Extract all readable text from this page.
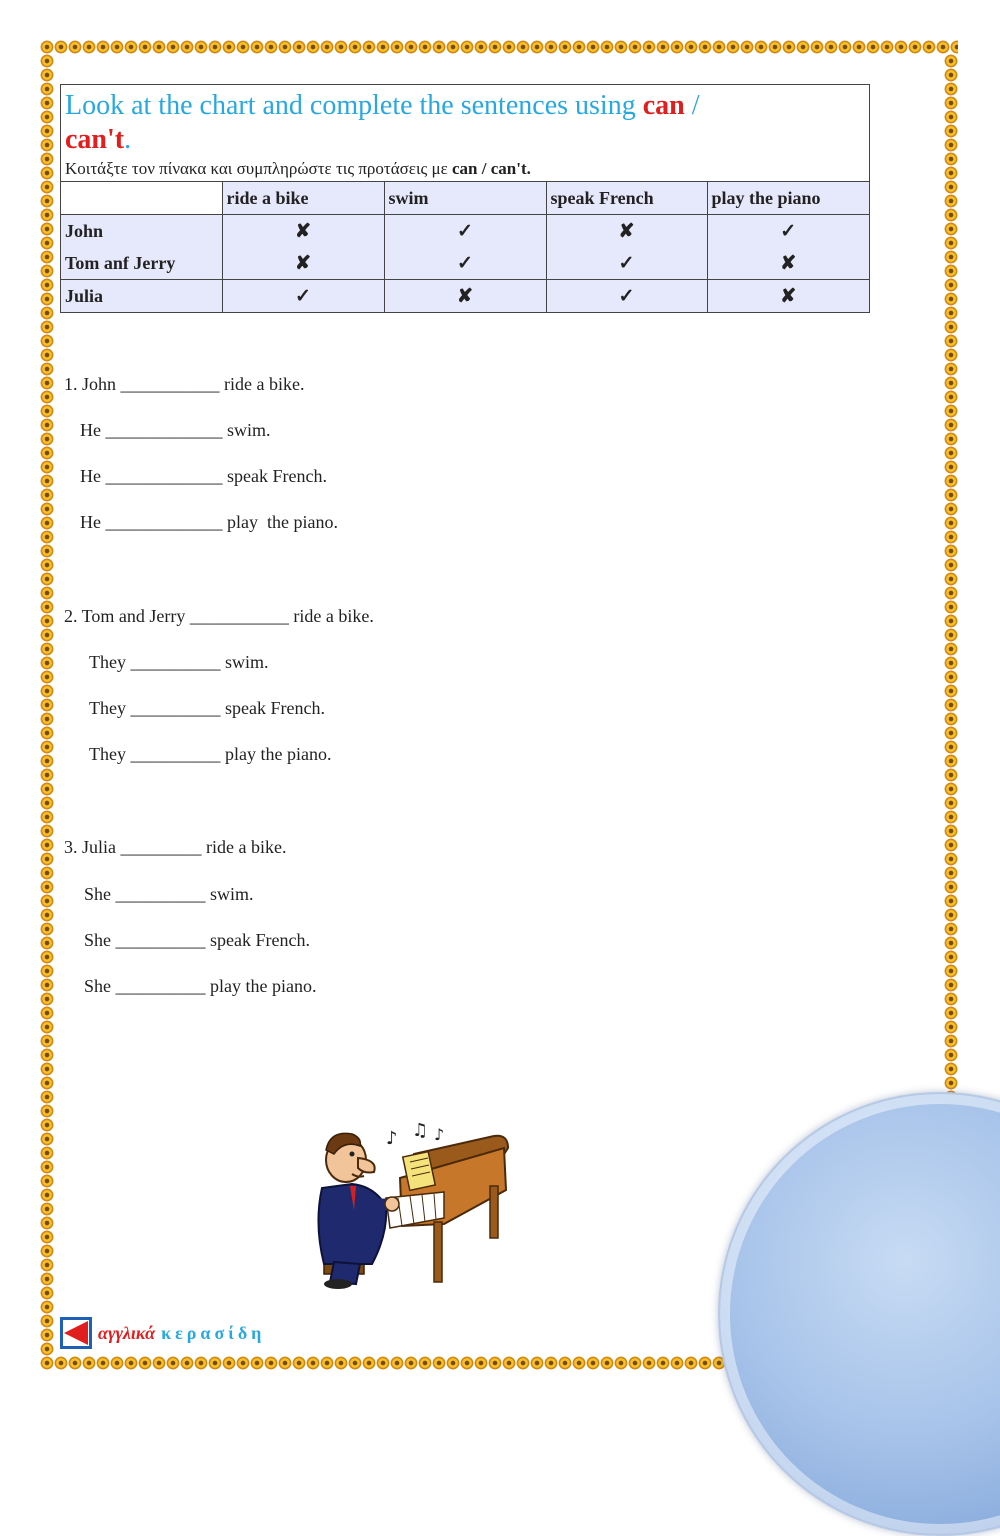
Look at the chart and complete the sentences using can /
can't.
Κοιτάξτε τον πίνακα και συμπληρώστε τις προτάσεις με can / can't.
	ride a bike	swim	speak French	play the piano
John	✘	✓	✘	✓
Tom anf Jerry	✘	✓	✓	✘
Julia	✓	✘	✓	✘
1. John ___________ ride a bike.
He _____________ swim.
He _____________ speak French.
He _____________ play  the piano.
2. Tom and Jerry ___________ ride a bike.
They __________ swim.
They __________ speak French.
They __________ play the piano.
3. Julia _________ ride a bike.
She __________ swim.
She __________ speak French.
She __________ play the piano.
♪ ♫ ♪
αγγλικά κερασίδη
